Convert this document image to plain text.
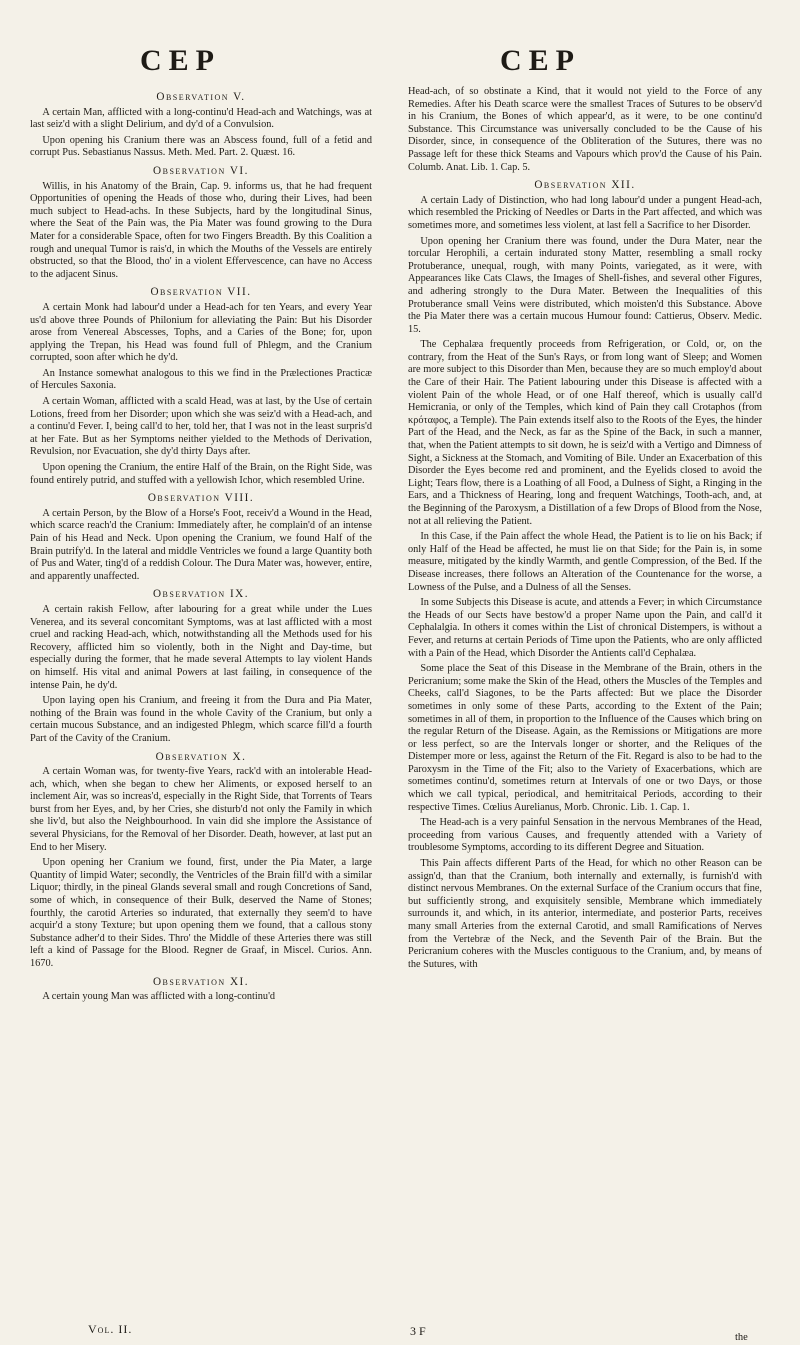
CEP	CEP

Observation V.

A certain Man, afflicted with a long-continu'd Head-ach and Watchings, was at last seiz'd with a slight Delirium, and dy'd of a Convulsion.

Upon opening his Cranium there was an Abscess found, full of a fetid and corrupt Pus. Sebastianus Nassus. Meth. Med. Part. 2. Quæst. 16.

Observation VI.

Willis, in his Anatomy of the Brain, Cap. 9. informs us, that he had frequent Opportunities of opening the Heads of those who, during their Lives, had been much subject to Head-achs. In these Subjects, hard by the longitudinal Sinus, where the Seat of the Pain was, the Pia Mater was found growing to the Dura Mater for a considerable Space, often for two Fingers Breadth. By this Coalition a rough and unequal Tumor is rais'd, in which the Mouths of the Vessels are entirely obstructed, so that the Blood, tho' in a violent Effervescence, can have no Access to the adjacent Sinus.

Observation VII.

A certain Monk had labour'd under a Head-ach for ten Years, and every Year us'd above three Pounds of Philonium for alleviating the Pain: But his Disorder arose from Venereal Abscesses, Tophs, and a Caries of the Bone; for, upon applying the Trepan, his Head was found full of Phlegm, and the Cranium corrupted, soon after which he dy'd.

An Instance somewhat analogous to this we find in the Prælectiones Practicæ of Hercules Saxonia.

A certain Woman, afflicted with a scald Head, was at last, by the Use of certain Lotions, freed from her Disorder; upon which she was seiz'd with a Head-ach, and a continu'd Fever. I, being call'd to her, told her, that I was not in the least surpris'd at her Fate. But as her Symptoms neither yielded to the Methods of Derivation, Revulsion, nor Evacuation, she dy'd thirty Days after.

Upon opening the Cranium, the entire Half of the Brain, on the Right Side, was found entirely putrid, and stuffed with a yellowish Ichor, which resembled Urine.

Observation VIII.

A certain Person, by the Blow of a Horse's Foot, receiv'd a Wound in the Head, which scarce reach'd the Cranium: Immediately after, he complain'd of an intense Pain of his Head and Neck. Upon opening the Cranium, we found Half of the Brain putrify'd. In the lateral and middle Ventricles we found a large Quantity both of Pus and Water, ting'd of a reddish Colour. The Dura Mater was, however, entire, and apparently unaffected.

Observation IX.

A certain rakish Fellow, after labouring for a great while under the Lues Venerea, and its several concomitant Symptoms, was at last afflicted with a most cruel and racking Head-ach, which, notwithstanding all the Methods used for his Recovery, afflicted him so violently, both in the Night and Day-time, but especially during the former, that he made several Attempts to lay violent Hands on himself. His vital and animal Powers at last failing, in consequence of the intense Pain, he dy'd.

Upon laying open his Cranium, and freeing it from the Dura and Pia Mater, nothing of the Brain was found in the whole Cavity of the Cranium, but only a certain mucous Substance, and an indigested Phlegm, which scarce fill'd a fourth Part of the Cavity of the Cranium.

Observation X.

A certain Woman was, for twenty-five Years, rack'd with an intolerable Head-ach, which, when she began to chew her Aliments, or exposed herself to an inclement Air, was so increas'd, especially in the Right Side, that Torrents of Tears burst from her Eyes, and, by her Cries, she disturb'd not only the Family in which she liv'd, but also the Neighbourhood. In vain did she implore the Assistance of several Physicians, for the Removal of her Disorder. Death, however, at last put an End to her Misery.

Upon opening her Cranium we found, first, under the Pia Mater, a large Quantity of limpid Water; secondly, the Ventricles of the Brain fill'd with a similar Liquor; thirdly, in the pineal Glands several small and rough Concretions of Sand, some of which, in consequence of their Bulk, deserved the Name of Stones; fourthly, the carotid Arteries so indurated, that externally they seem'd to have acquir'd a stony Texture; but upon opening them we found, that a callous stony Substance adher'd to their Sides. Thro' the Middle of these Arteries there was still left a kind of Passage for the Blood. Regner de Graaf, in Miscel. Curios. Ann. 1670.

Observation XI.

A certain young Man was afflicted with a long-continu'd

Head-ach, of so obstinate a Kind, that it would not yield to the Force of any Remedies. After his Death scarce were the smallest Traces of Sutures to be observ'd in his Cranium, the Bones of which appear'd, as it were, to be one continu'd Substance. This Circumstance was universally concluded to be the Cause of his Disorder, since, in consequence of the Obliteration of the Sutures, there was no Passage left for these thick Steams and Vapours which prov'd the Cause of his Pain. Columb. Anat. Lib. 1. Cap. 5.

Observation XII.

A certain Lady of Distinction, who had long labour'd under a pungent Head-ach, which resembled the Pricking of Needles or Darts in the Part affected, and which was sometimes more, and sometimes less violent, at last fell a Sacrifice to her Disorder.

Upon opening her Cranium there was found, under the Dura Mater, near the torcular Herophili, a certain indurated stony Matter, resembling a small rocky Protuberance, unequal, rough, with many Points, variegated, as it were, with Appearances like Cats Claws, the Images of Shell-fishes, and several other Figures, and adhering strongly to the Dura Mater. Between the Inequalities of this Protuberance small Veins were distributed, which moisten'd this Substance. Above the Pia Mater there was a certain mucous Humour found: Cattierus, Observ. Medic. 15.

The Cephalæa frequently proceeds from Refrigeration, or Cold, or, on the contrary, from the Heat of the Sun's Rays, or from long want of Sleep; and Women are more subject to this Disorder than Men, because they are so much employ'd about the Care of their Hair. The Patient labouring under this Disease is affected with a violent Pain of the whole Head, or of one Half thereof, which is usually call'd Hemicrania, or only of the Temples, which kind of Pain they call Crotaphos (from κρόταφος, a Temple). The Pain extends itself also to the Roots of the Eyes, the hinder Part of the Head, and the Neck, as far as the Spine of the Back, in such a manner, that, when the Patient attempts to sit down, he is seiz'd with a Vertigo and Dimness of Sight, a Sickness at the Stomach, and Vomiting of Bile. Under an Exacerbation of this Disorder the Eyes become red and prominent, and the Eyelids closed to avoid the Light; Tears flow, there is a Loathing of all Food, a Dulness of Sight, a Ringing in the Ears, and a Thickness of Hearing, long and frequent Watchings, Tooth-ach, and, at the Beginning of the Paroxysm, a Distillation of a few Drops of Blood from the Nose, not at all relieving the Patient.

In this Case, if the Pain affect the whole Head, the Patient is to lie on his Back; if only Half of the Head be affected, he must lie on that Side; for the Pain is, in some measure, mitigated by the kindly Warmth, and gentle Compression, of the Bed. If the Disease increases, there follows an Alteration of the Countenance for the worse, a Lowness of the Pulse, and a Dulness of all the Senses.

In some Subjects this Disease is acute, and attends a Fever; in which Circumstance the Heads of our Sects have bestow'd a proper Name upon the Pain, and call'd it Cephalalgia. In others it comes within the List of chronical Distempers, is without a Fever, and returns at certain Periods of Time upon the Patients, who are only afflicted with a Pain of the Head, which Disorder the Antients call'd Cephalæa.

Some place the Seat of this Disease in the Membrane of the Brain, others in the Pericranium; some make the Skin of the Head, others the Muscles of the Temples and Cheeks, call'd Siagones, to be the Parts affected: But we place the Disorder sometimes in only some of these Parts, according to the Extent of the Pain; sometimes in all of them, in proportion to the Influence of the Causes which bring on the regular Return of the Disease. Again, as the Remissions or Mitigations are more or less perfect, so are the Intervals longer or shorter, and the Reliques of the Distemper more or less, against the Return of the Fit. Regard is also to be had to the Paroxysm in the Time of the Fit; also to the Variety of Exacerbations, which are sometimes continu'd, sometimes return at Intervals of one or two Days, or those which we call typical, periodical, and hemitritaical Periods, according to their respective Times. Cœlius Aurelianus, Morb. Chronic. Lib. 1. Cap. 1.

The Head-ach is a very painful Sensation in the nervous Membranes of the Head, proceeding from various Causes, and frequently attended with a Variety of troublesome Symptoms, according to its different Degree and Situation.

This Pain affects different Parts of the Head, for which no other Reason can be assign'd, than that the Cranium, both internally and externally, is furnish'd with distinct nervous Membranes. On the external Surface of the Cranium occurs that fine, but sufficiently strong, and exquisitely sensible, Membrane which immediately surrounds it, and which, in its anterior, intermediate, and posterior Parts, receives many small Arteries from the external Carotid, and small Ramifications of Nerves from the Vertebræ of the Neck, and the Seventh Pair of the Brain. But the Pericranium coheres with the Muscles contiguous to the Cranium, and, by means of the Sutures, with

Vol. II.	3 F	the
